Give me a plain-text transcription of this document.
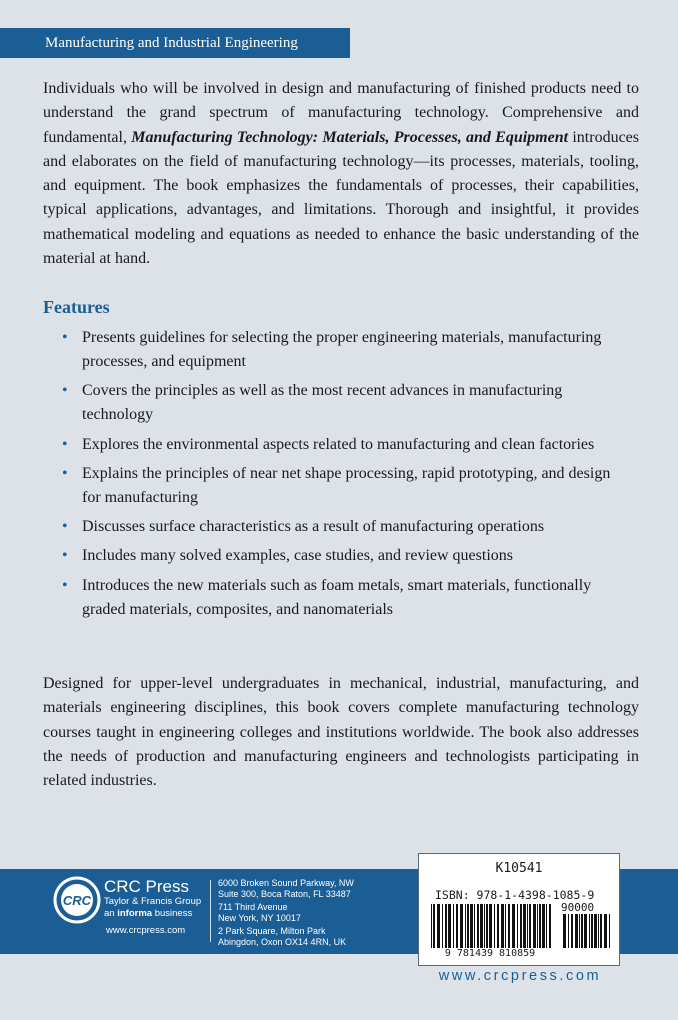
Manufacturing and Industrial Engineering

Individuals who will be involved in design and manufacturing of finished products need to understand the grand spectrum of manufacturing technology. Comprehensive and fundamental, Manufacturing Technology: Materials, Processes, and Equipment introduces and elaborates on the field of manufacturing technology—its processes, materials, tooling, and equipment. The book emphasizes the fundamentals of processes, their capabilities, typical applications, advantages, and limitations. Thorough and insightful, it provides mathematical modeling and equations as needed to enhance the basic understanding of the material at hand.

Features
• Presents guidelines for selecting the proper engineering materials, manufacturing processes, and equipment
• Covers the principles as well as the most recent advances in manufacturing technology
• Explores the environmental aspects related to manufacturing and clean factories
• Explains the principles of near net shape processing, rapid prototyping, and design for manufacturing
• Discusses surface characteristics as a result of manufacturing operations
• Includes many solved examples, case studies, and review questions
• Introduces the new materials such as foam metals, smart materials, functionally graded materials, composites, and nanomaterials

Designed for upper-level undergraduates in mechanical, industrial, manufacturing, and materials engineering disciplines, this book covers complete manufacturing technology courses taught in engineering colleges and institutions worldwide. The book also addresses the needs of production and manufacturing engineers and technologists participating in related industries.

CRC
CRC Press
Taylor & Francis Group
an informa business
www.crcpress.com
6000 Broken Sound Parkway, NW
Suite 300, Boca Raton, FL 33487
711 Third Avenue
New York, NY 10017
2 Park Square, Milton Park
Abingdon, Oxon OX14 4RN, UK
K10541
ISBN: 978-1-4398-1085-9
90000
9 781439 810859
www.crcpress.com
